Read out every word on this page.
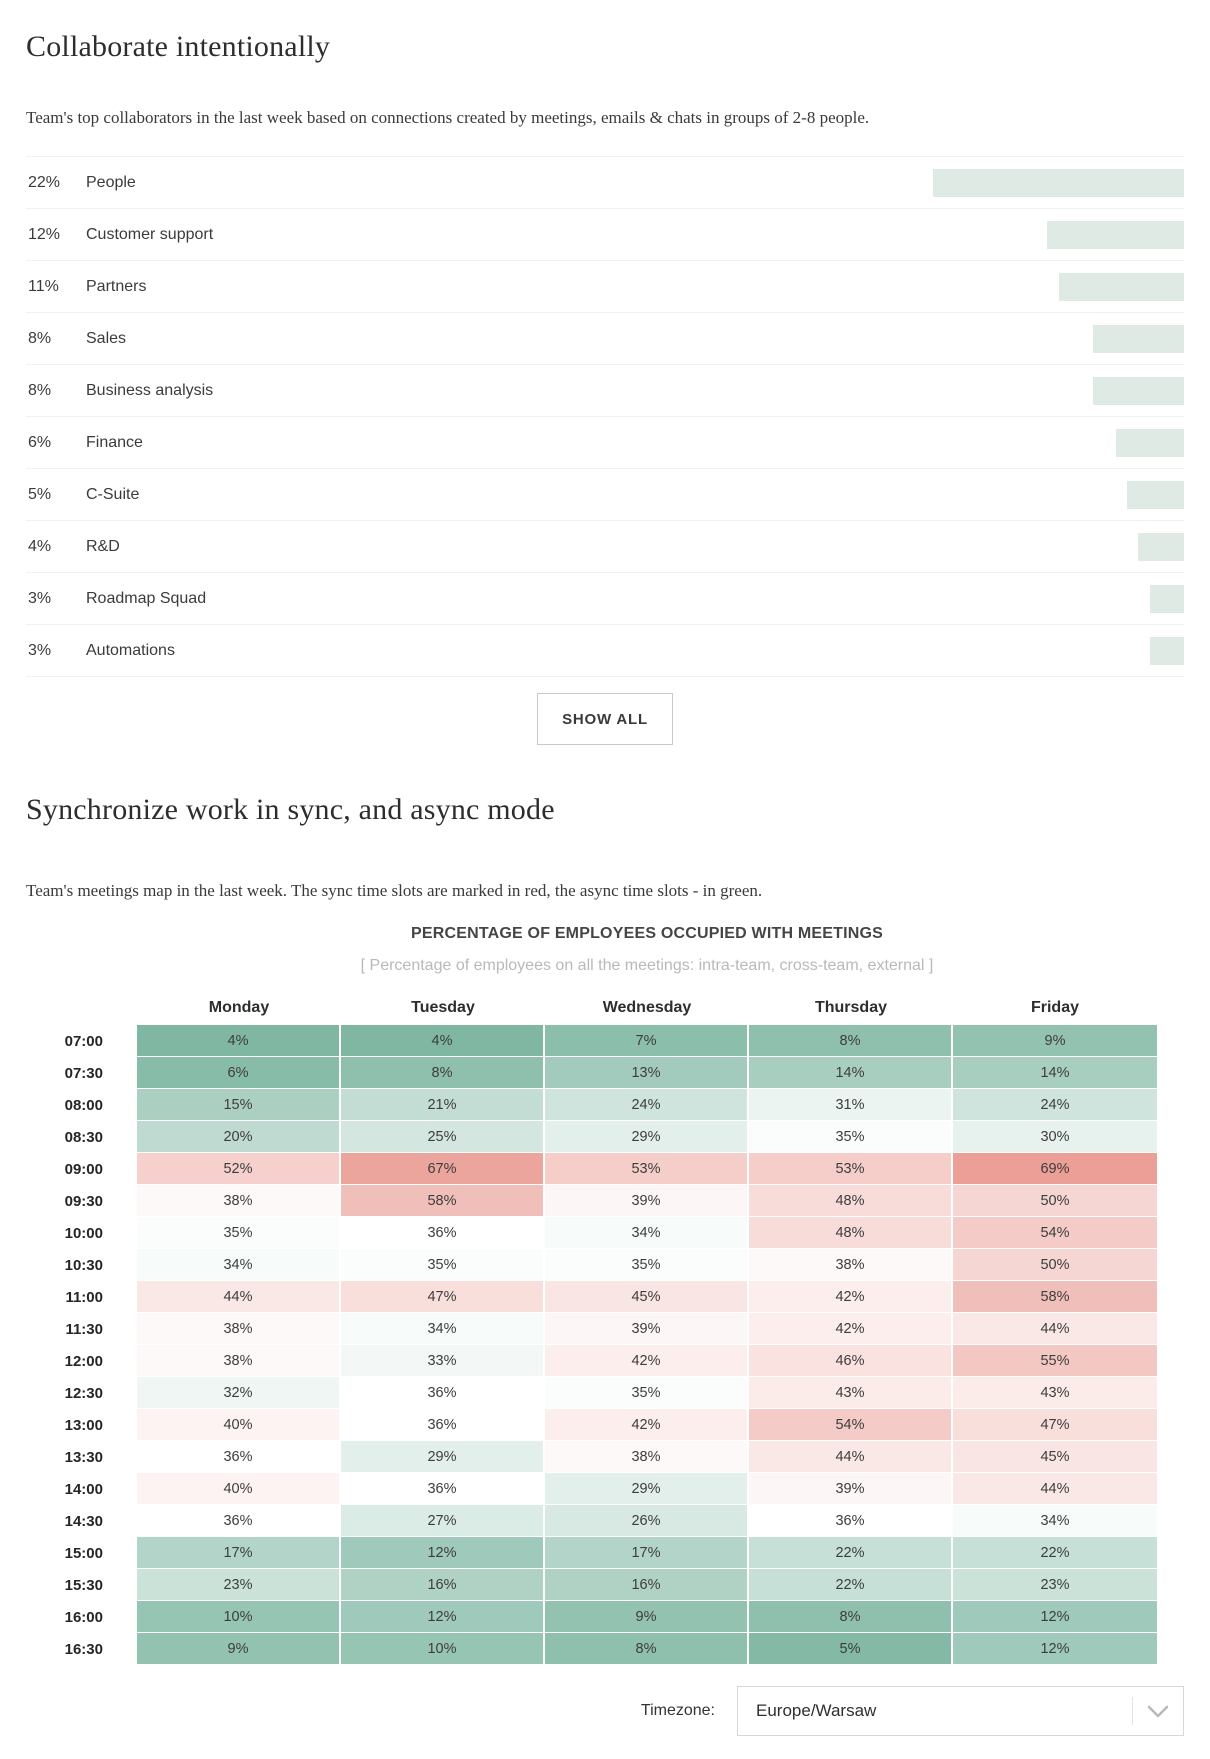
Collaborate intentionally

Team's top collaborators in the last week based on connections created by meetings, emails & chats in groups of 2-8 people.

22%	People
12%	Customer support
11%	Partners
8%	Sales
8%	Business analysis
6%	Finance
5%	C-Suite
4%	R&D
3%	Roadmap Squad
3%	Automations
SHOW ALL
Synchronize work in sync, and async mode

Team's meetings map in the last week. The sync time slots are marked in red, the async time slots - in green.

PERCENTAGE OF EMPLOYEES OCCUPIED WITH MEETINGS
[ Percentage of employees on all the meetings: intra-team, cross-team, external ]
Monday	Tuesday	Wednesday	Thursday	Friday
07:00	4%	4%	7%	8%	9%
07:30	6%	8%	13%	14%	14%
08:00	15%	21%	24%	31%	24%
08:30	20%	25%	29%	35%	30%
09:00	52%	67%	53%	53%	69%
09:30	38%	58%	39%	48%	50%
10:00	35%	36%	34%	48%	54%
10:30	34%	35%	35%	38%	50%
11:00	44%	47%	45%	42%	58%
11:30	38%	34%	39%	42%	44%
12:00	38%	33%	42%	46%	55%
12:30	32%	36%	35%	43%	43%
13:00	40%	36%	42%	54%	47%
13:30	36%	29%	38%	44%	45%
14:00	40%	36%	29%	39%	44%
14:30	36%	27%	26%	36%	34%
15:00	17%	12%	17%	22%	22%
15:30	23%	16%	16%	22%	23%
16:00	10%	12%	9%	8%	12%
16:30	9%	10%	8%	5%	12%
Timezone:	Europe/Warsaw
